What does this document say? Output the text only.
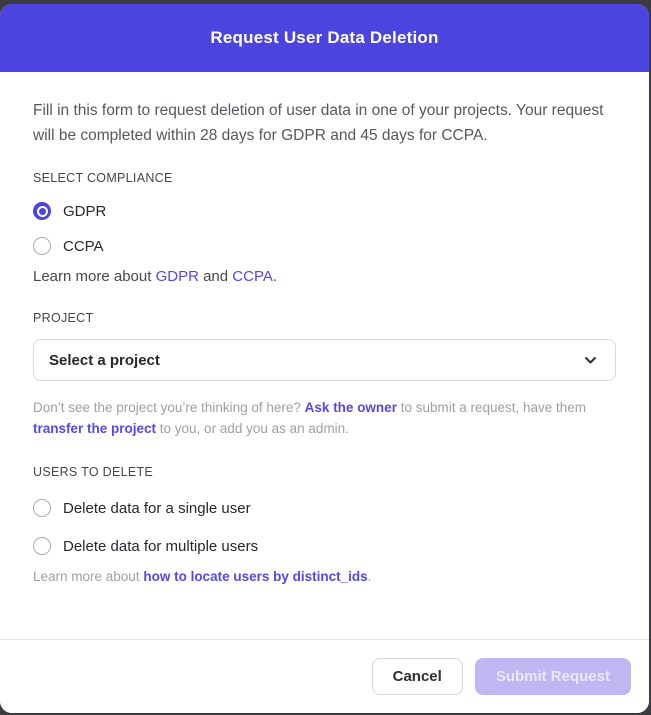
Request User Data Deletion
Fill in this form to request deletion of user data in one of your projects. Your request will be completed within 28 days for GDPR and 45 days for CCPA.
SELECT COMPLIANCE
GDPR
CCPA
Learn more about GDPR and CCPA.
PROJECT
Select a project
Don’t see the project you’re thinking of here? Ask the owner to submit a request, have them transfer the project to you, or add you as an admin.
USERS TO DELETE
Delete data for a single user
Delete data for multiple users
Learn more about how to locate users by distinct_ids.
Cancel	Submit Request
